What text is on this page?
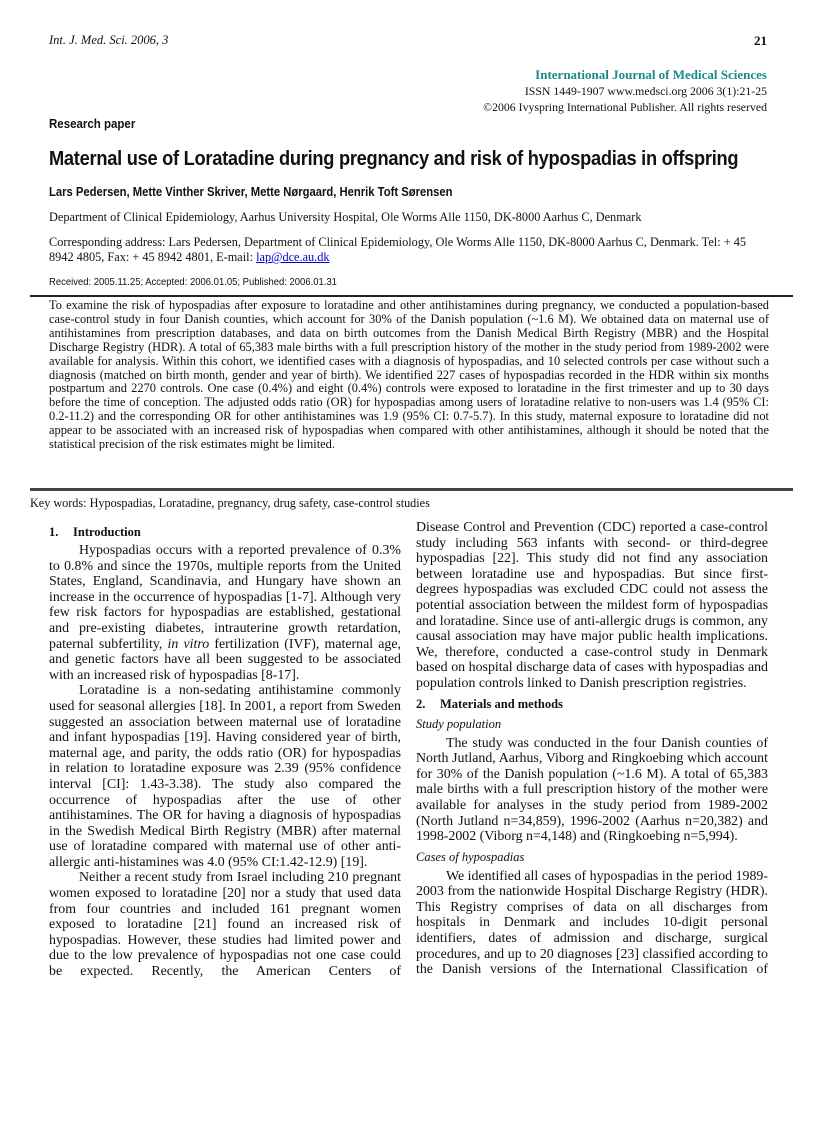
Int. J. Med. Sci. 2006, 3	21
International Journal of Medical Sciences
ISSN 1449-1907 www.medsci.org 2006 3(1):21-25
©2006 Ivyspring International Publisher. All rights reserved
Research paper
Maternal use of Loratadine during pregnancy and risk of hypospadias in offspring
Lars Pedersen, Mette Vinther Skriver, Mette Nørgaard, Henrik Toft Sørensen
Department of Clinical Epidemiology, Aarhus University Hospital, Ole Worms Alle 1150, DK-8000 Aarhus C, Denmark
Corresponding address: Lars Pedersen, Department of Clinical Epidemiology, Ole Worms Alle 1150, DK-8000 Aarhus C, Denmark. Tel: + 45 8942 4805, Fax: + 45 8942 4801, E-mail: lap@dce.au.dk
Received: 2005.11.25; Accepted: 2006.01.05; Published: 2006.01.31
To examine the risk of hypospadias after exposure to loratadine and other antihistamines during pregnancy, we conducted a population-based case-control study in four Danish counties, which account for 30% of the Danish population (~1.6 M). We obtained data on maternal use of antihistamines from prescription databases, and data on birth outcomes from the Danish Medical Birth Registry (MBR) and the Hospital Discharge Registry (HDR). A total of 65,383 male births with a full prescription history of the mother in the study period from 1989-2002 were available for analysis. Within this cohort, we identified cases with a diagnosis of hypospadias, and 10 selected controls per case without such a diagnosis (matched on birth month, gender and year of birth). We identified 227 cases of hypospadias recorded in the HDR within six months postpartum and 2270 controls. One case (0.4%) and eight (0.4%) controls were exposed to loratadine in the first trimester and up to 30 days before the time of conception. The adjusted odds ratio (OR) for hypospadias among users of loratadine relative to non-users was 1.4 (95% CI: 0.2-11.2) and the corresponding OR for other antihistamines was 1.9 (95% CI: 0.7-5.7). In this study, maternal exposure to loratadine did not appear to be associated with an increased risk of hypospadias when compared with other antihistamines, although it should be noted that the statistical precision of the risk estimates might be limited.
Key words: Hypospadias, Loratadine, pregnancy, drug safety, case-control studies
1. Introduction

Hypospadias occurs with a reported prevalence of 0.3% to 0.8% and since the 1970s, multiple reports from the United States, England, Scandinavia, and Hungary have shown an increase in the occurrence of hypospadias [1-7]. Although very few risk factors for hypospadias are established, gestational and pre-existing diabetes, intrauterine growth retardation, paternal subfertility, in vitro fertilization (IVF), maternal age, and genetic factors have all been suggested to be associated with an increased risk of hypospadias [8-17].

Loratadine is a non-sedating antihistamine commonly used for seasonal allergies [18]. In 2001, a report from Sweden suggested an association between maternal use of loratadine and infant hypospadias [19]. Having considered year of birth, maternal age, and parity, the odds ratio (OR) for hypospadias in relation to loratadine exposure was 2.39 (95% confidence interval [CI]: 1.43-3.38). The study also compared the occurrence of hypospadias after the use of other antihistamines. The OR for having a diagnosis of hypospadias in the Swedish Medical Birth Registry (MBR) after maternal use of loratadine compared with maternal use of other anti-allergic anti-histamines was 4.0 (95% CI:1.42-12.9) [19].

Neither a recent study from Israel including 210 pregnant women exposed to loratadine [20] nor a study that used data from four countries and included 161 pregnant women exposed to loratadine [21] found an increased risk of hypospadias. However, these studies had limited power and due to the low prevalence of hypospadias not one case could be expected. Recently, the American Centers of

Disease Control and Prevention (CDC) reported a case-control study including 563 infants with second- or third-degree hypospadias [22]. This study did not find any association between loratadine use and hypospadias. But since first-degrees hypospadias was excluded CDC could not assess the potential association between the mildest form of hypospadias and loratadine. Since use of anti-allergic drugs is common, any causal association may have major public health implications. We, therefore, conducted a case-control study in Denmark based on hospital discharge data of cases with hypospadias and population controls linked to Danish prescription registries.

2. Materials and methods
Study population

The study was conducted in the four Danish counties of North Jutland, Aarhus, Viborg and Ringkoebing which account for 30% of the Danish population (~1.6 M). A total of 65,383 male births with a full prescription history of the mother were available for analyses in the study period from 1989-2002 (North Jutland n=34,859), 1996-2002 (Aarhus n=20,382) and 1998-2002 (Viborg n=4,148) and (Ringkoebing n=5,994).

Cases of hypospadias

We identified all cases of hypospadias in the period 1989-2003 from the nationwide Hospital Discharge Registry (HDR). This Registry comprises of data on all discharges from hospitals in Denmark and includes 10-digit personal identifiers, dates of admission and discharge, surgical procedures, and up to 20 diagnoses [23] classified according to the Danish versions of the International Classification of
